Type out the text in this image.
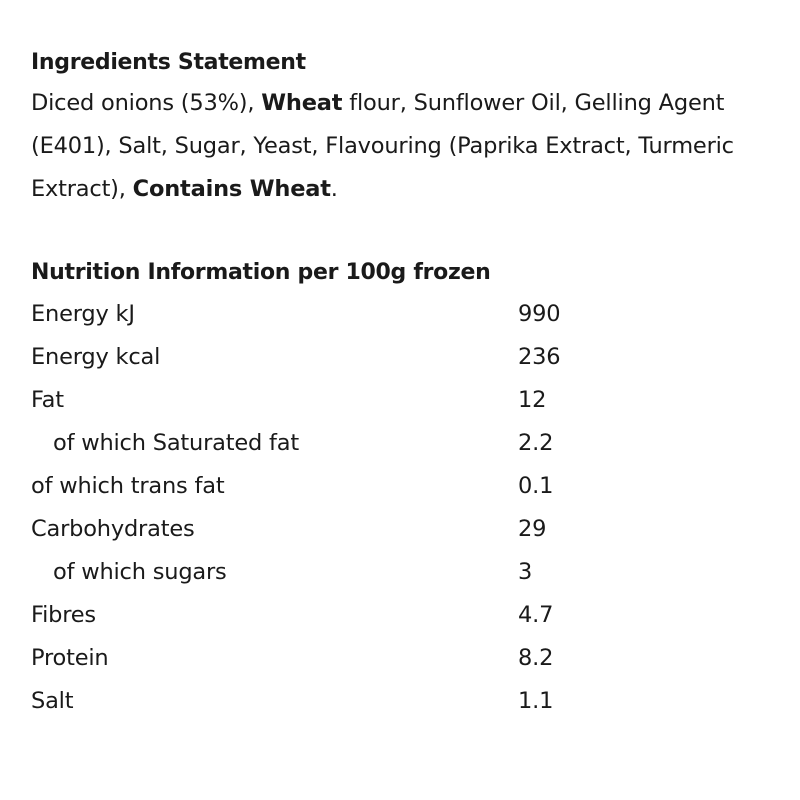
Ingredients Statement

Diced onions (53%), Wheat flour, Sunflower Oil, Gelling Agent (E401), Salt, Sugar, Yeast, Flavouring (Paprika Extract, Turmeric Extract), Contains Wheat.

Nutrition Information per 100g frozen
Energy kJ	990
Energy kcal	236
Fat	12
of which Saturated fat	2.2
of which trans fat	0.1
Carbohydrates	29
of which sugars	3
Fibres	4.7
Protein	8.2
Salt	1.1
